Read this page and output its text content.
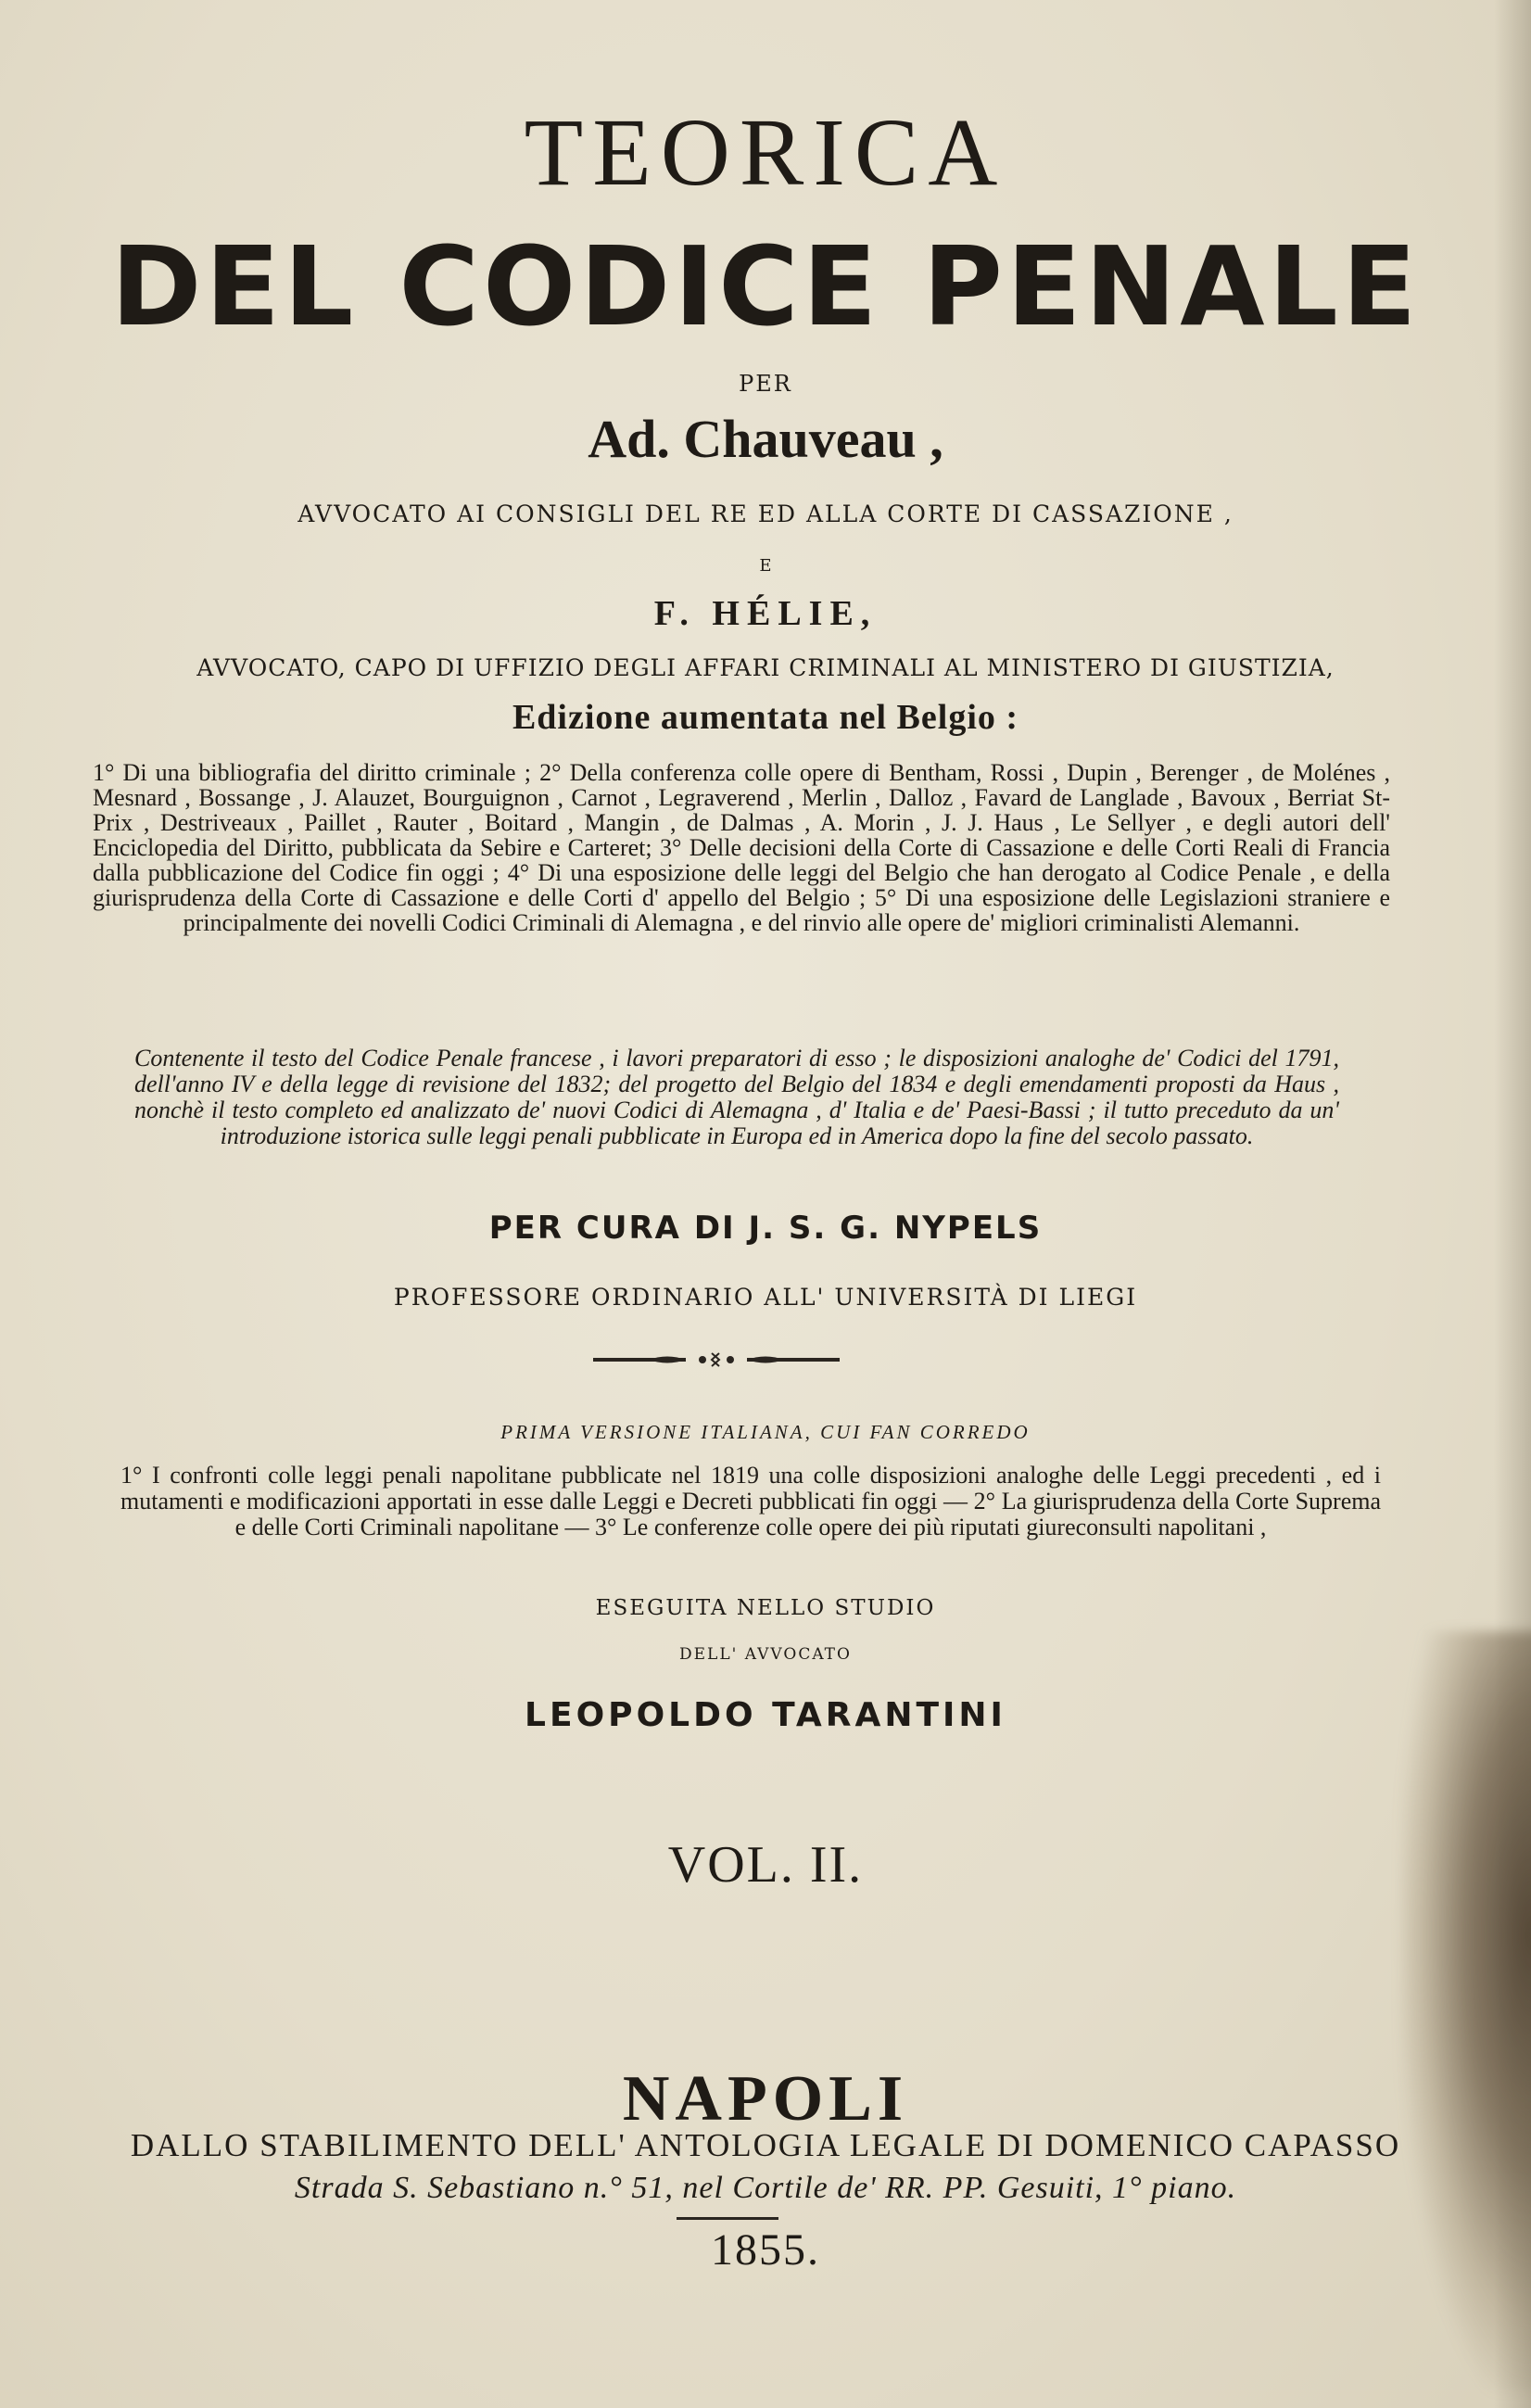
TEORICA
DEL CODICE PENALE
PER
Ad. Chauveau ,
AVVOCATO AI CONSIGLI DEL RE ED ALLA CORTE DI CASSAZIONE ,
E
F. HÉLIE,
AVVOCATO, CAPO DI UFFIZIO DEGLI AFFARI CRIMINALI AL MINISTERO DI GIUSTIZIA,
Edizione aumentata nel Belgio :
1° Di una bibliografia del diritto criminale ; 2° Della conferenza colle opere di Bentham, Rossi , Dupin , Berenger , de Molénes , Mesnard , Bossange , J. Alauzet, Bourguignon , Carnot , Legraverend , Merlin , Dalloz , Favard de Langlade , Bavoux , Berriat St-Prix , Destriveaux , Paillet , Rauter , Boitard , Mangin , de Dalmas , A. Morin , J. J. Haus , Le Sellyer , e degli autori dell' Enciclopedia del Diritto, pubblicata da Sebire e Carteret; 3° Delle decisioni della Corte di Cassazione e delle Corti Reali di Francia dalla pubblicazione del Codice fin oggi ; 4° Di una esposizione delle leggi del Belgio che han derogato al Codice Penale , e della giurisprudenza della Corte di Cassazione e delle Corti d' appello del Belgio ; 5° Di una esposizione delle Legislazioni straniere e principalmente dei novelli Codici Criminali di Alemagna , e del rinvio alle opere de' migliori criminalisti Alemanni.
Contenente il testo del Codice Penale francese , i lavori preparatori di esso ; le disposizioni analoghe de' Codici del 1791, dell'anno IV e della legge di revisione del 1832; del progetto del Belgio del 1834 e degli emendamenti proposti da Haus , nonchè il testo completo ed analizzato de' nuovi Codici di Alemagna , d' Italia e de' Paesi-Bassi ; il tutto preceduto da un' introduzione istorica sulle leggi penali pubblicate in Europa ed in America dopo la fine del secolo passato.
PER CURA DI J. S. G. NYPELS
PROFESSORE ORDINARIO ALL' UNIVERSITÀ DI LIEGI
PRIMA VERSIONE ITALIANA, CUI FAN CORREDO
1° I confronti colle leggi penali napolitane pubblicate nel 1819 una colle disposizioni analoghe delle Leggi precedenti , ed i mutamenti e modificazioni apportati in esse dalle Leggi e Decreti pubblicati fin oggi — 2° La giurisprudenza della Corte Suprema e delle Corti Criminali napolitane — 3° Le conferenze colle opere dei più riputati giureconsulti napolitani ,
ESEGUITA NELLO STUDIO
DELL' AVVOCATO
LEOPOLDO TARANTINI
VOL. II.
NAPOLI
DALLO STABILIMENTO DELL' ANTOLOGIA LEGALE DI DOMENICO CAPASSO
Strada S. Sebastiano n.° 51, nel Cortile de' RR. PP. Gesuiti, 1° piano.
1855.
